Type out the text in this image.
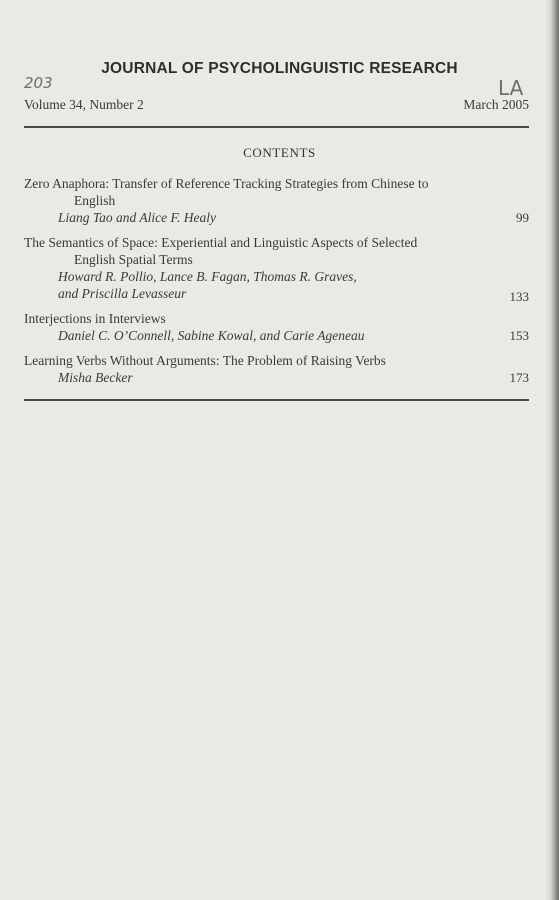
203
JOURNAL OF PSYCHOLINGUISTIC RESEARCH
LA
Volume 34, Number 2	March 2005
CONTENTS
Zero Anaphora: Transfer of Reference Tracking Strategies from Chinese to
English
Liang Tao and Alice F. Healy	99
The Semantics of Space: Experiential and Linguistic Aspects of Selected
English Spatial Terms
Howard R. Pollio, Lance B. Fagan, Thomas R. Graves,
and Priscilla Levasseur	133
Interjections in Interviews
Daniel C. O’Connell, Sabine Kowal, and Carie Ageneau	153
Learning Verbs Without Arguments: The Problem of Raising Verbs
Misha Becker	173
